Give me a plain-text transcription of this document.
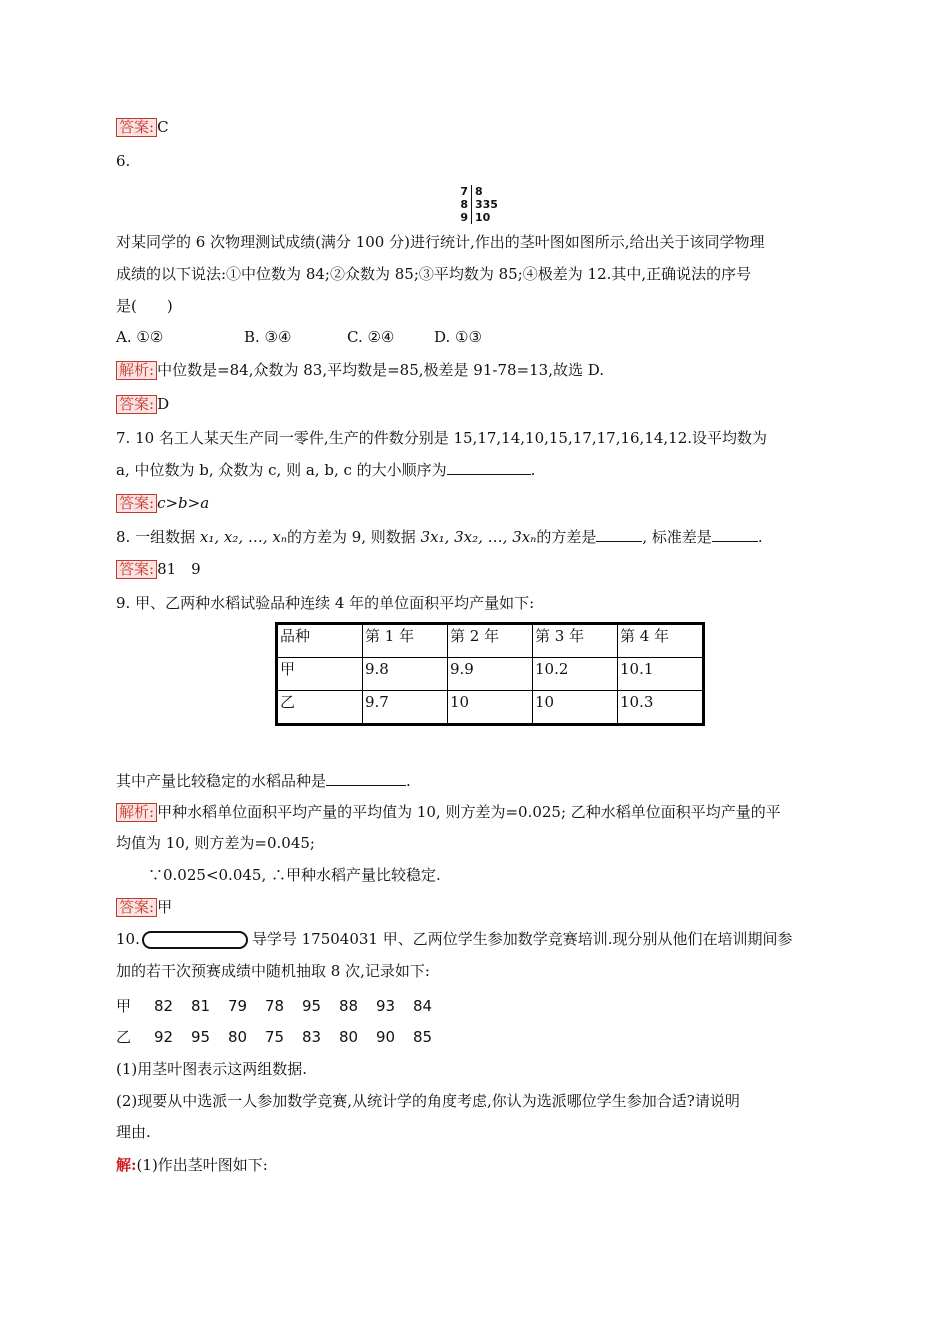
答案: C
6.
7 8
8 335
9 10
对某同学的 6 次物理测试成绩(满分 100 分)进行统计,作出的茎叶图如图所示,给出关于该同学物理
成绩的以下说法:①中位数为 84;②众数为 85;③平均数为 85;④极差为 12.其中,正确说法的序号
是(　　)
A. ①②	B. ③④	C. ②④	D. ①③
解析: 中位数是=84,众数为 83,平均数是=85,极差是 91-78=13,故选 D.
答案: D
7. 10 名工人某天生产同一零件,生产的件数分别是 15,17,14,10,15,17,17,16,14,12.设平均数为
a, 中位数为 b, 众数为 c, 则 a, b, c 的大小顺序为	.
答案: c>b>a
8. 一组数据 x₁, x₂, …, xₙ的方差为 9, 则数据 3x₁, 3x₂, …, 3xₙ的方差是	, 标准差是	.
答案: 81　9
9. 甲、乙两种水稻试验品种连续 4 年的单位面积平均产量如下:
品种	第 1 年	第 2 年	第 3 年	第 4 年
甲	9.8	9.9	10.2	10.1
乙	9.7	10	10	10.3
其中产量比较稳定的水稻品种是	.
解析: 甲种水稻单位面积平均产量的平均值为 10, 则方差为=0.025; 乙种水稻单位面积平均产量的平
均值为 10, 则方差为=0.045;
∵0.025<0.045, ∴甲种水稻产量比较稳定.
答案: 甲
10.	导学号 17504031 甲、乙两位学生参加数学竞赛培训.现分别从他们在培训期间参
加的若干次预赛成绩中随机抽取 8 次,记录如下:
甲 82 81 79 78 95 88 93 84
乙 92 95 80 75 83 80 90 85
(1)用茎叶图表示这两组数据.
(2)现要从中选派一人参加数学竞赛,从统计学的角度考虑,你认为选派哪位学生参加合适?请说明
理由.
解:(1)作出茎叶图如下:
